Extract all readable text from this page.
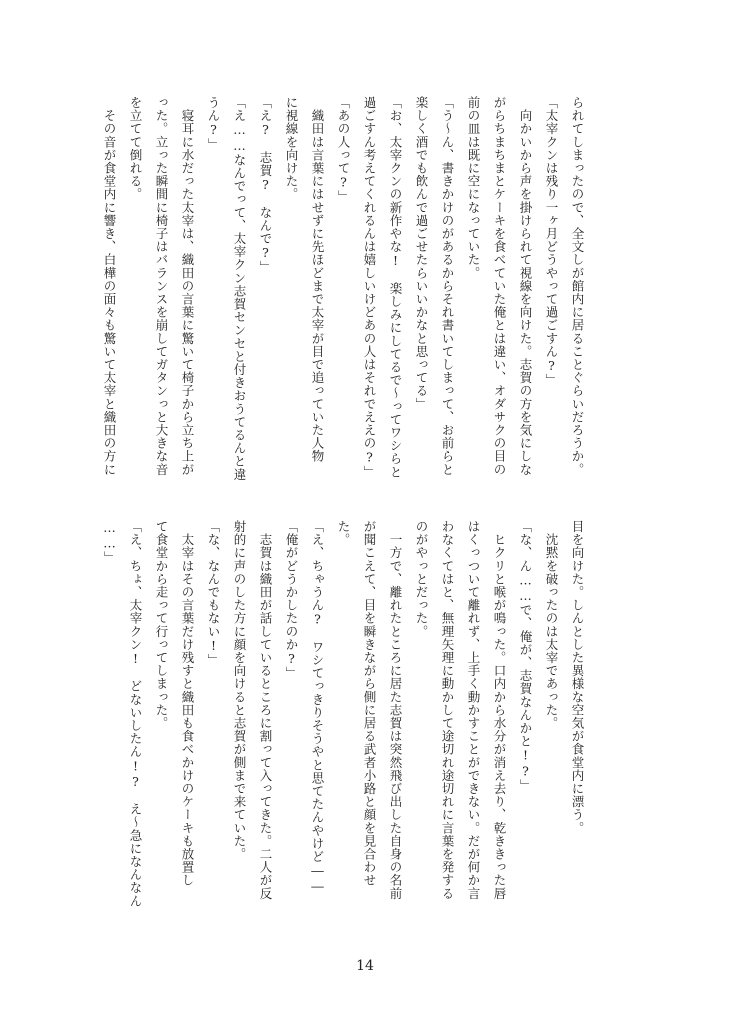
られてしまったので、全文しが館内に居ることぐらいだろうか。
「太宰クンは残り一ヶ月どうやって過ごすん?」
　向かいから声を掛けられて視線を向けた。志賀の方を気にしな
がらちまちまとケーキを食べていた俺とは違い、オダサクの目の
前の皿は既に空になっていた。
「う〜ん、書きかけのがあるからそれ書いてしまって、お前らと
楽しく酒でも飲んで過ごせたらいいかなと思ってる」
「お、太宰クンの新作やな!　楽しみにしてるで〜ってワシらと
過ごすん考えてくれるんは嬉しいけどあの人はそれでええの?」
「あの人って?」
　織田は言葉にはせずに先ほどまで太宰が目で追っていた人物
に視線を向けた。
「え?　志賀?　なんで?」
「え……なんでって、太宰クン志賀センセと付きおうてるんと違
うん?」
　寝耳に水だった太宰は、織田の言葉に驚いて椅子から立ち上が
った。立った瞬間に椅子はバランスを崩してガタンっと大きな音
を立てて倒れる。
　その音が食堂内に響き、白樺の面々も驚いて太宰と織田の方に
目を向けた。しんとした異様な空気が食堂内に漂う。
　沈黙を破ったのは太宰であった。
「な、ん……で、俺が、志賀なんかと!?」
　ヒクリと喉が鳴った。口内から水分が消え去り、乾ききった唇
はくっついて離れず、上手く動かすことができない。だが何か言
わなくてはと、無理矢理に動かして途切れ途切れに言葉を発する
のがやっとだった。
　一方で、離れたところに居た志賀は突然飛び出した自身の名前
が聞こえて、目を瞬きながら側に居る武者小路と顔を見合わせ
た。
「え、ちゃうん?　ワシてっきりそうやと思てたんやけど――
「俺がどうかしたのか?」
　志賀は織田が話しているところに割って入ってきた。二人が反
射的に声のした方に顔を向けると志賀が側まで来ていた。
「な、なんでもない!」
　太宰はその言葉だけ残すと織田も食べかけのケーキも放置し
て食堂から走って行ってしまった。
「え、ちょ、太宰クン!　どないしたん!?　え〜急になんなん
……」
14
